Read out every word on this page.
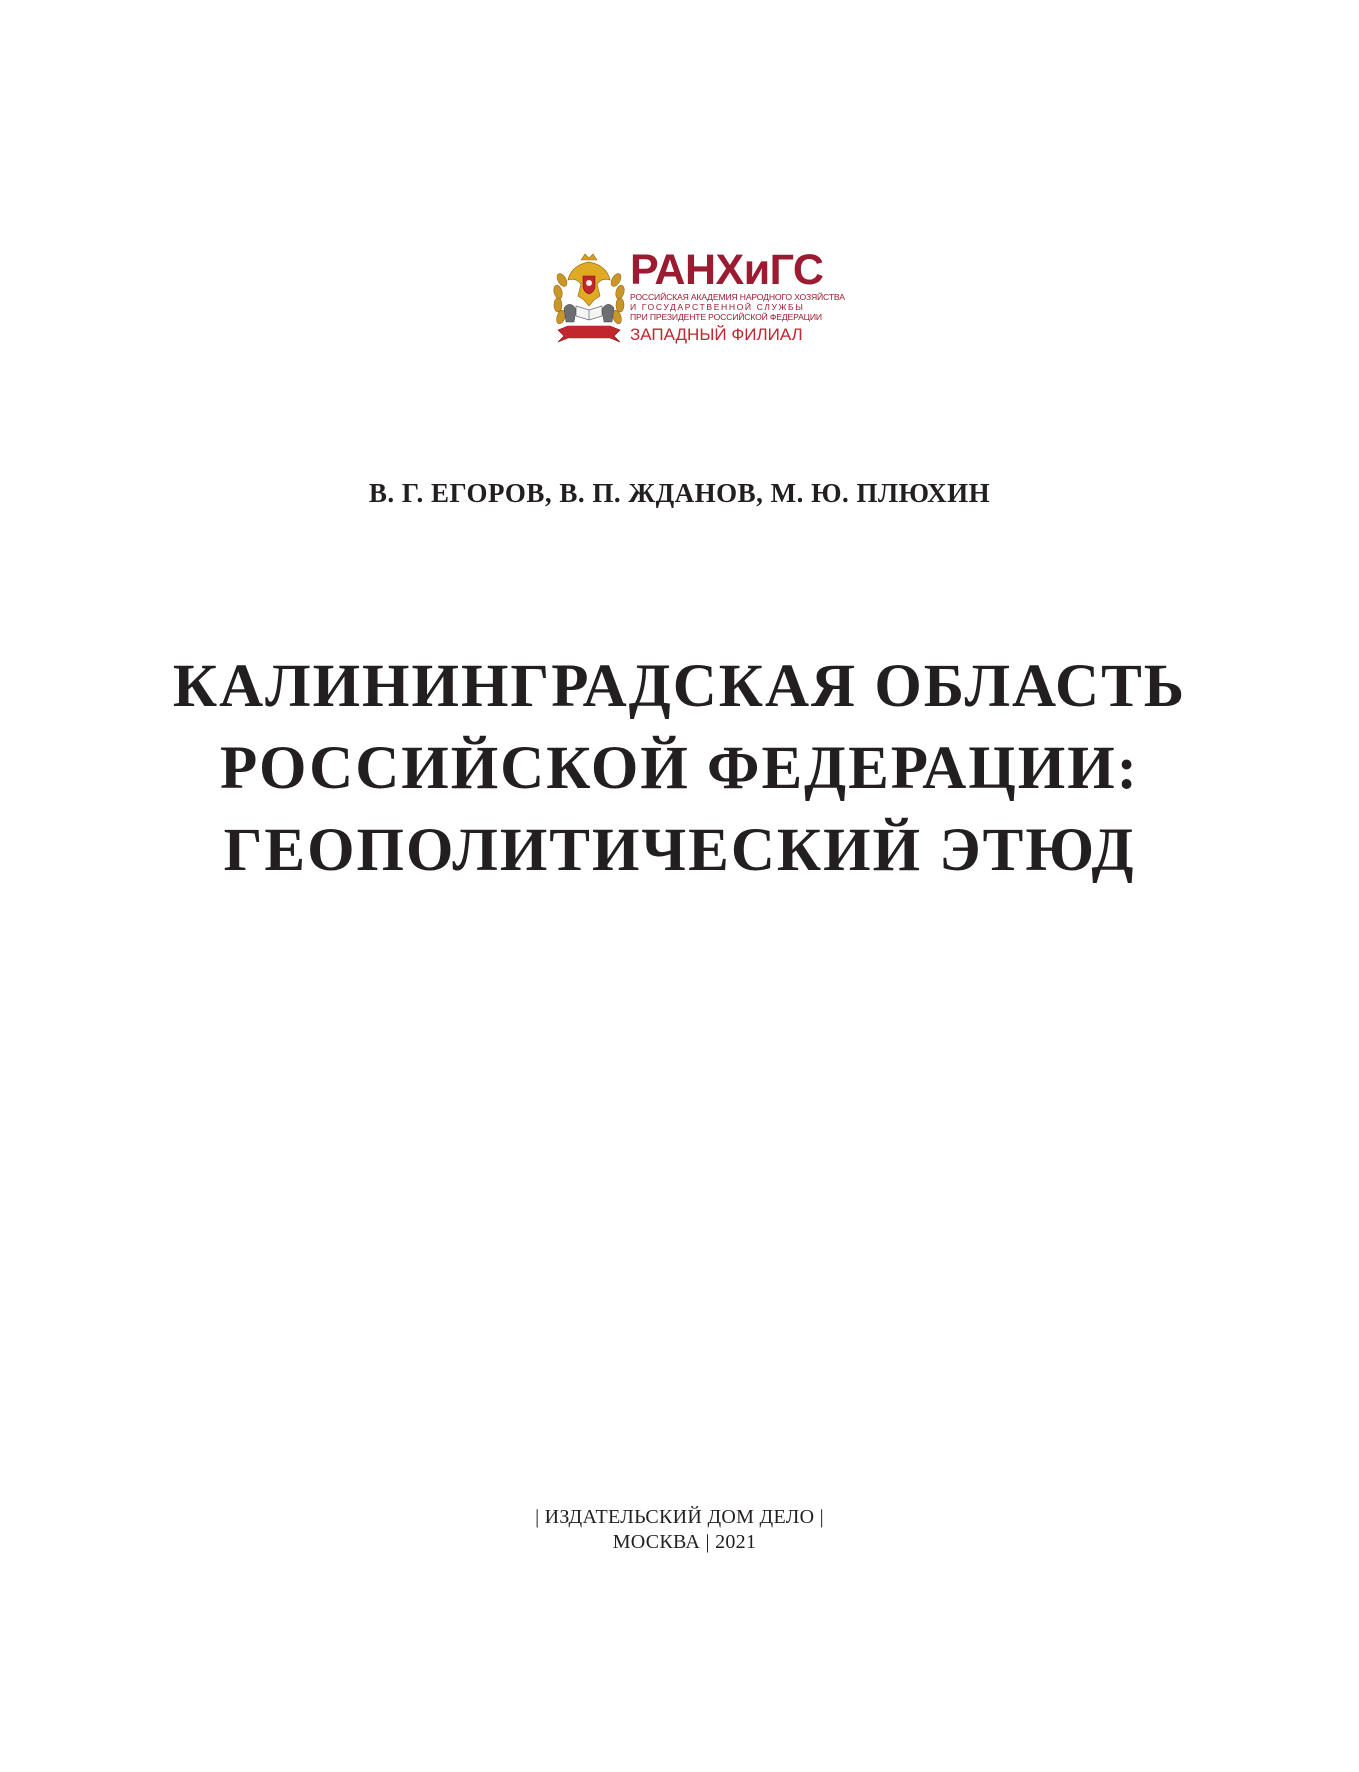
РАНХиГС
РОССИЙСКАЯ АКАДЕМИЯ НАРОДНОГО ХОЗЯЙСТВА
И ГОСУДАРСТВЕННОЙ СЛУЖБЫ
ПРИ ПРЕЗИДЕНТЕ РОССИЙСКОЙ ФЕДЕРАЦИИ
ЗАПАДНЫЙ ФИЛИАЛ
В. Г. ЕГОРОВ, В. П. ЖДАНОВ, М. Ю. ПЛЮХИН
КАЛИНИНГРАДСКАЯ ОБЛАСТЬ
РОССИЙСКОЙ ФЕДЕРАЦИИ:
ГЕОПОЛИТИЧЕСКИЙ ЭТЮД
| ИЗДАТЕЛЬСКИЙ ДОМ ДЕЛО |
МОСКВА | 2021
